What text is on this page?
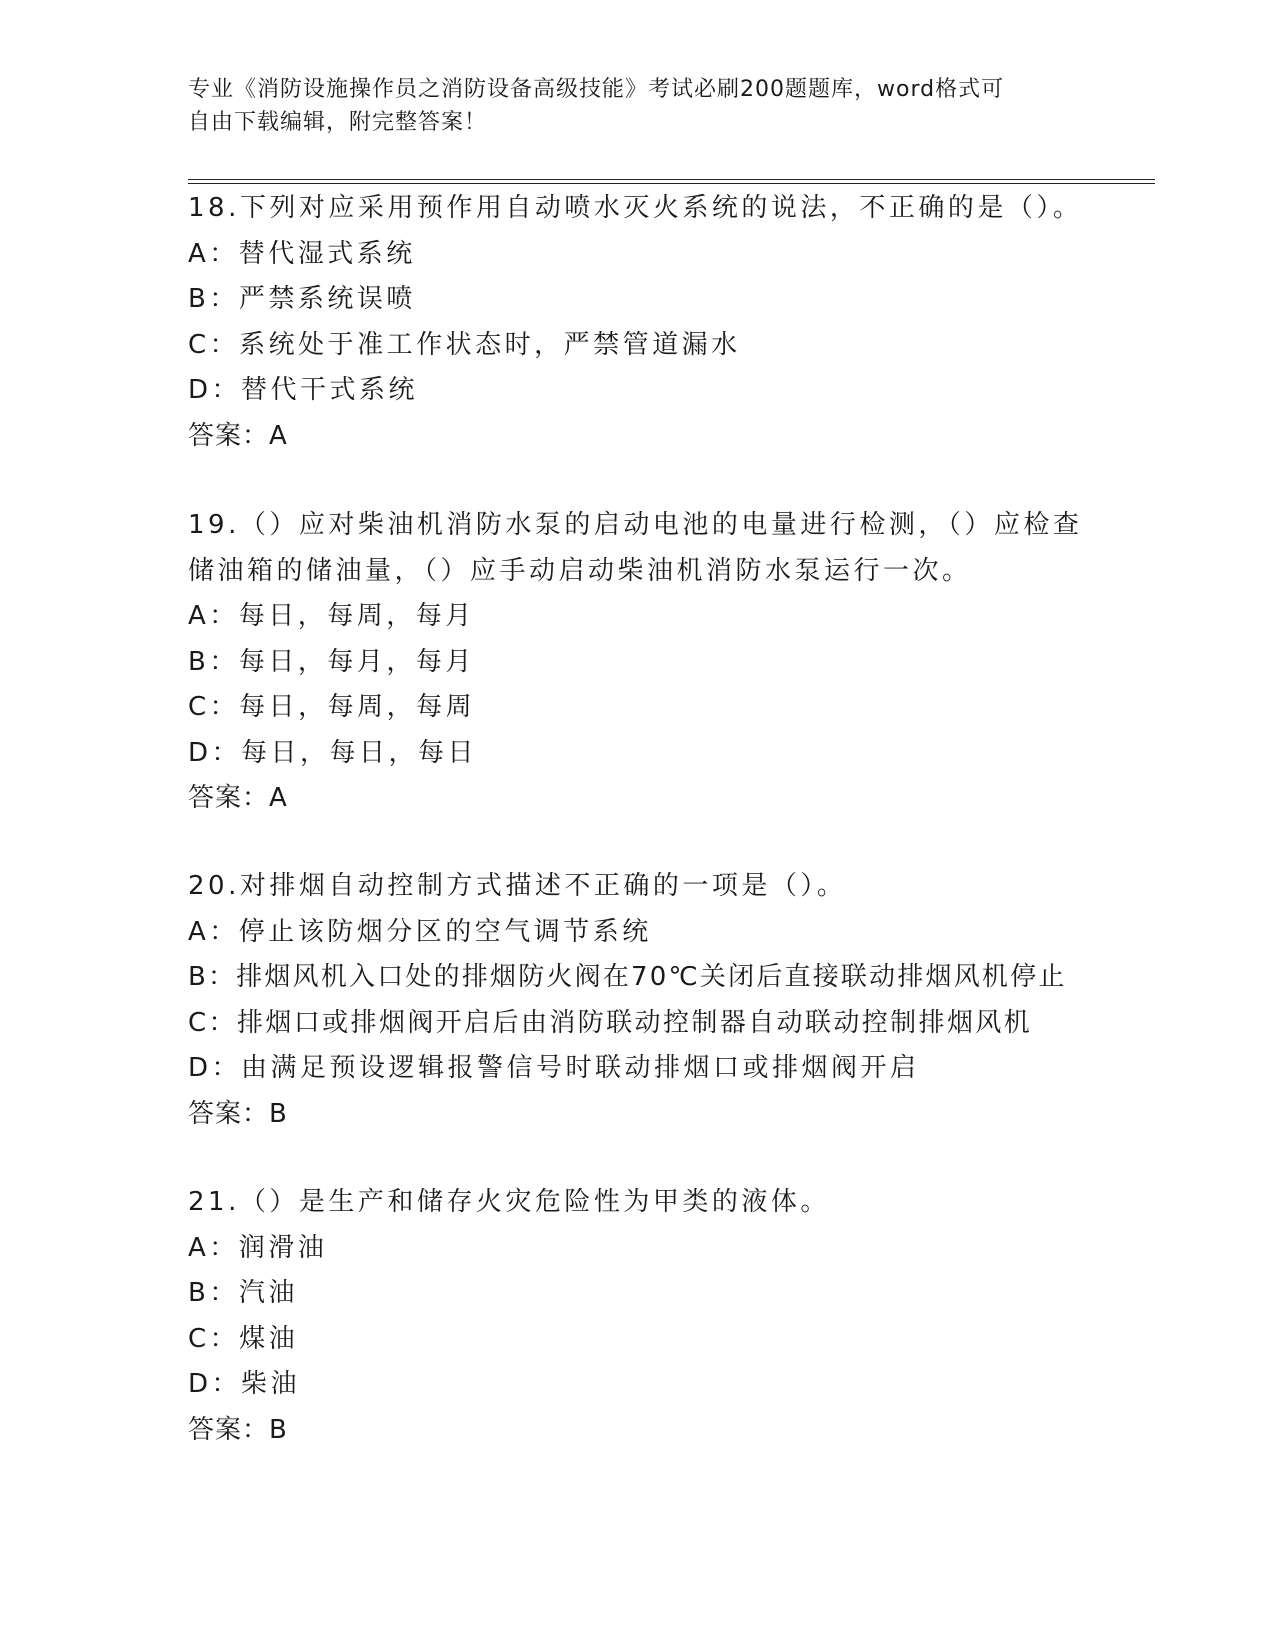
专业《消防设施操作员之消防设备高级技能》考试必刷200题题库，word格式可
自由下载编辑，附完整答案！
18.下列对应采用预作用自动喷水灭火系统的说法，不正确的是（）。
A：替代湿式系统
B：严禁系统误喷
C：系统处于准工作状态时，严禁管道漏水
D：替代干式系统
答案：A
19.（）应对柴油机消防水泵的启动电池的电量进行检测，（）应检查
储油箱的储油量，（）应手动启动柴油机消防水泵运行一次。
A：每日，每周，每月
B：每日，每月，每月
C：每日，每周，每周
D：每日，每日，每日
答案：A
20.对排烟自动控制方式描述不正确的一项是（）。
A：停止该防烟分区的空气调节系统
B：排烟风机入口处的排烟防火阀在70℃关闭后直接联动排烟风机停止
C：排烟口或排烟阀开启后由消防联动控制器自动联动控制排烟风机
D：由满足预设逻辑报警信号时联动排烟口或排烟阀开启
答案：B
21.（）是生产和储存火灾危险性为甲类的液体。
A：润滑油
B：汽油
C：煤油
D：柴油
答案：B
